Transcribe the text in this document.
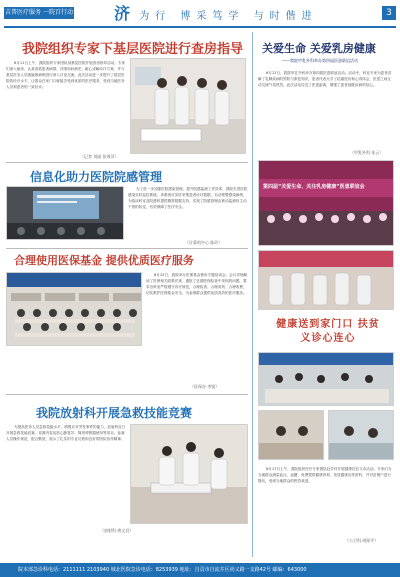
吉普医疗服务 一院百行动	济 为行 博采笃学 与时偕进	3
我院组织专家下基层医院进行查房指导
6月11日上午，我院组织专家团队到基层医院开展查房指导活动。专家们深入病房，认真查看患者病情，详细询问病史，耐心讲解诊疗方案，并与基层医务人员就疑难病例进行深入讨论交流。此次活动进一步提升了基层医院的诊疗水平，让群众在家门口就能享受到优质的医疗服务，受到当地医务人员和患者的一致好评。
（记者 刘丽 张周萍）
信息化助力医院院感管理
为了进一步加强医院感染管理，提升院感监测工作效率，我院引进医院感染实时监控系统。该系统可实时采集患者诊疗数据，自动预警感染病例，为临床科室及院感科提供精准数据支持，实现了院感管理由被动监测向主动干预的转变，有效保障了医疗安全。
（计算机中心 陈玲）
合理使用医保基金 提供优质医疗服务
6月15日，我院举办医保基金使用专题培训会。会议详细解读了医保相关政策法规，通报了近期医保检查中发现的问题，要求各科室严格遵守诊疗规范，合理检查、合理用药、合理收费，切实维护医保基金安全，为参保群众提供优质高效的医疗服务。
（医保办 李锐）
我院放射科开展急救技能竞赛
为提高医务人员急救技能水平，增强应对突发事件的能力，放射科近日开展急救技能竞赛。竞赛内容包括心肺复苏、简易呼吸器使用等项目。参赛人员操作规范、配合默契，展示了扎实的专业功底和良好的团队协作精神。
（放射科 唐文君）
关爱生命 关爱乳房健康
——我院甲乳外科举办第四届医患联谊活动
6月12日，我院甲乳外科举办第四届医患联谊活动。活动中，科室专家为患者讲解了乳腺疾病的预防与康复知识，患者代表分享了抗癌经历和心得体会，医患之间互动交流气氛热烈。此次活动拉近了医患距离，增强了患者战胜疾病的信心。
（甲乳外科 张云）
第四届“关爱生命、关注乳房健康”医患联谊会
健康送到家门口 扶贫义诊心连心
6月17日上午，我院组织医疗专家团队赴乡村开展健康扶贫义诊活动。专家们为当地群众测量血压、血糖，免费提供健康咨询，发放健康宣传资料，并对贫困户进行随访，受到当地群众的热烈欢迎。
（公卫科 胡阳平）
院本部急诊科电话：2111111 2103940 城北医院急诊电话：8253939 地址：自贡市自流井区尚义路一支路42号 邮编：643000
